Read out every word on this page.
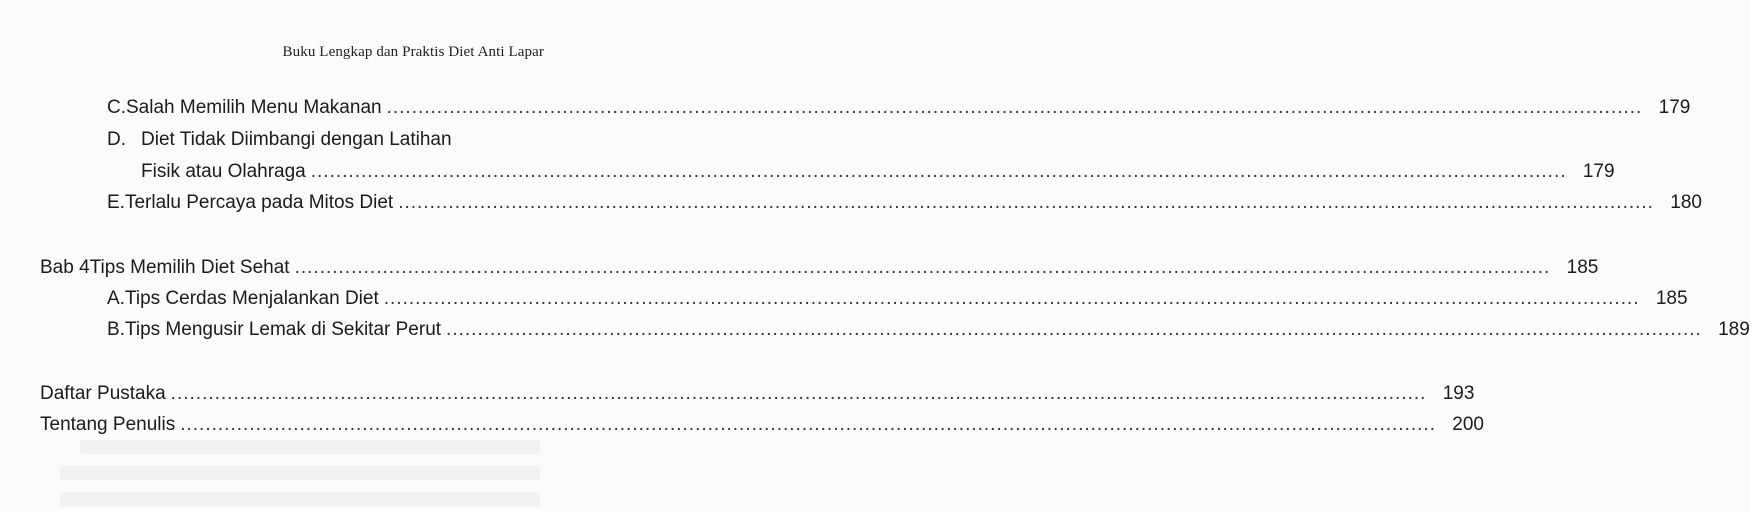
Buku Lengkap dan Praktis Diet Anti Lapar
C. Salah Memilih Menu Makanan ........................................................................................................................................................................................................ 179
D. Diet Tidak Diimbangi dengan Latihan
Fisik atau Olahraga ........................................................................................................................................................................................................ 179
E. Terlalu Percaya pada Mitos Diet ........................................................................................................................................................................................................ 180
Bab 4 Tips Memilih Diet Sehat ........................................................................................................................................................................................................ 185
A. Tips Cerdas Menjalankan Diet ........................................................................................................................................................................................................ 185
B. Tips Mengusir Lemak di Sekitar Perut ........................................................................................................................................................................................................ 189
Daftar Pustaka ........................................................................................................................................................................................................ 193
Tentang Penulis ........................................................................................................................................................................................................ 200
